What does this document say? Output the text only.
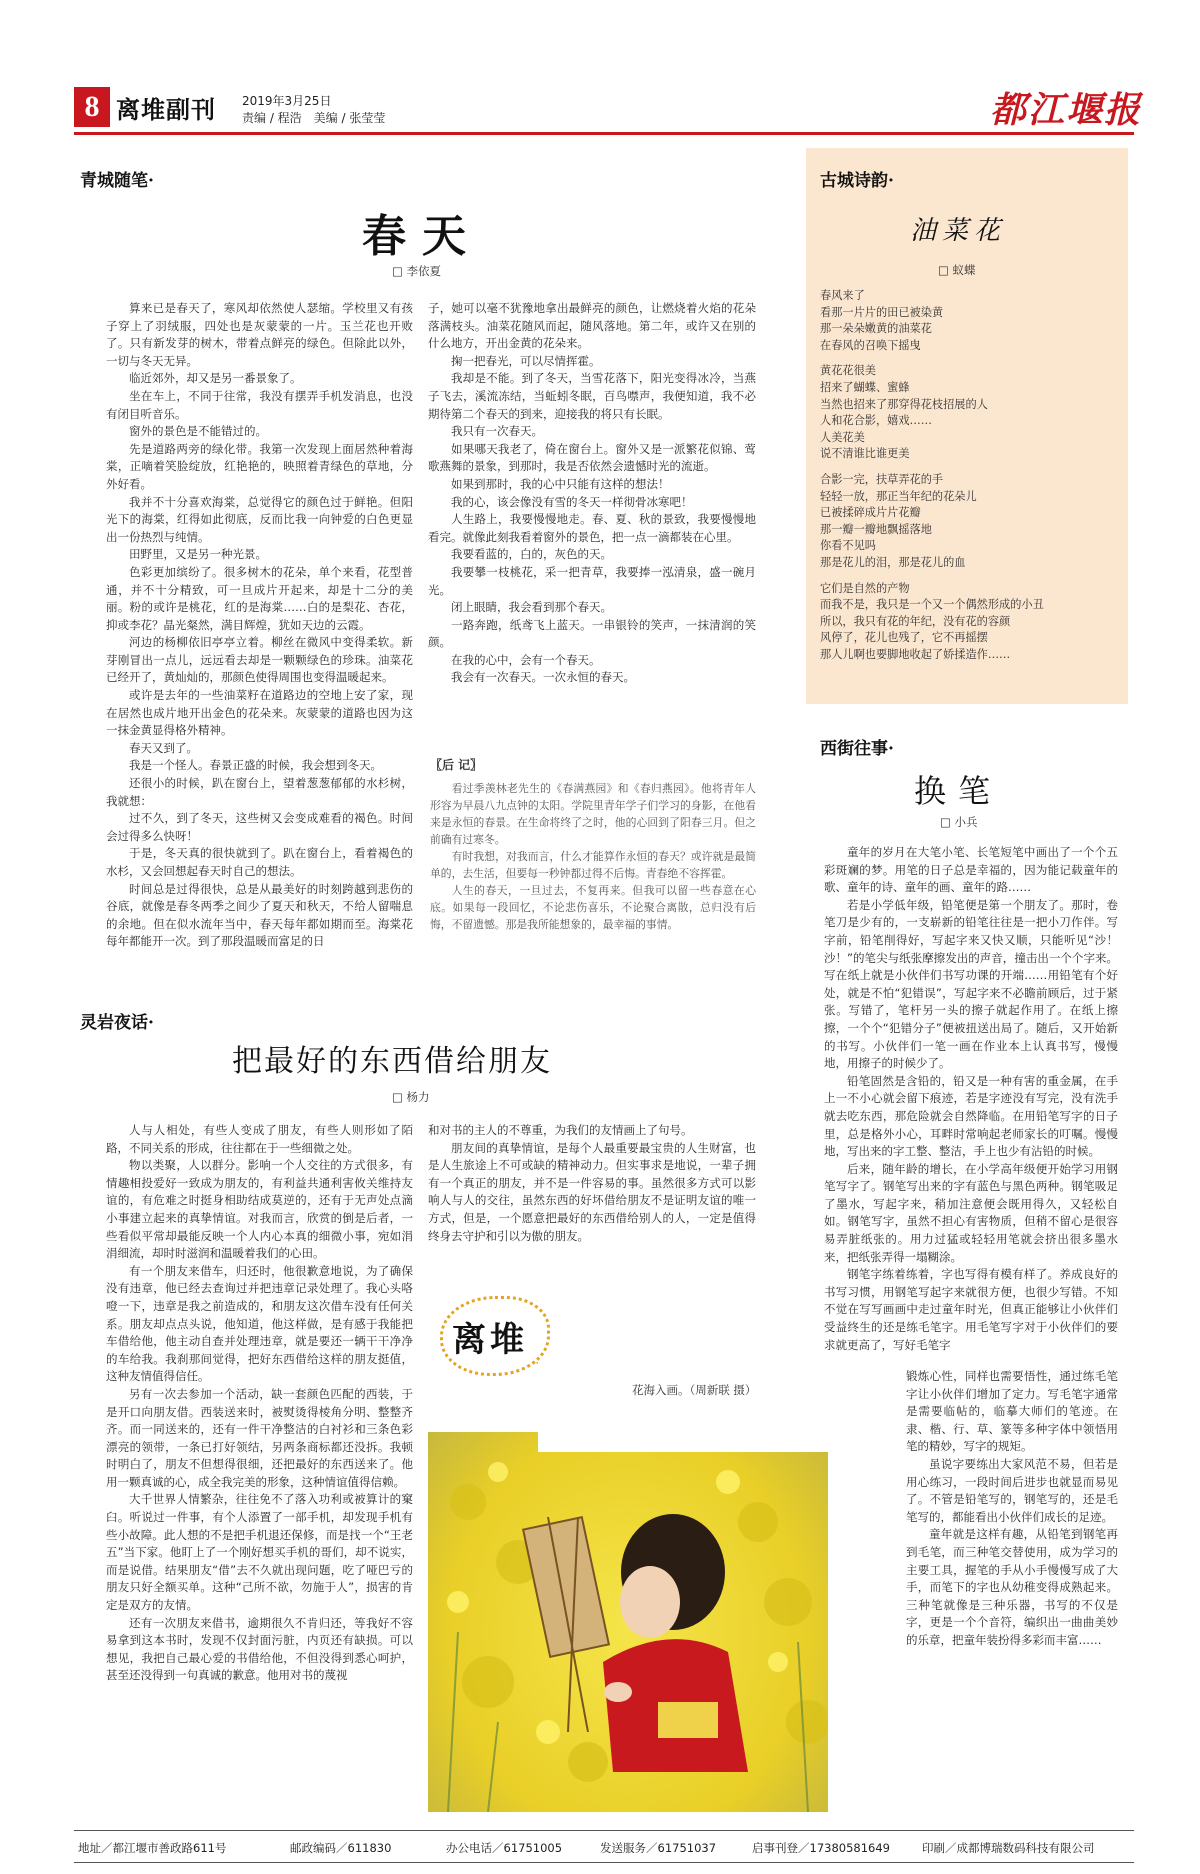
8 离堆副刊 2019年3月25日
责编 / 程浩　美编 / 张莹莹	都江堰报
青城随笔·
春天
□ 李依夏

算来已是春天了，寒风却依然使人瑟缩。学校里又有孩子穿上了羽绒服，四处也是灰蒙蒙的一片。玉兰花也开败了。只有新发芽的树木，带着点鲜亮的绿色。但除此以外，一切与冬天无异。

临近郊外，却又是另一番景象了。

坐在车上，不同于往常，我没有摆弄手机发消息，也没有闭目听音乐。

窗外的景色是不能错过的。

先是道路两旁的绿化带。我第一次发现上面居然种着海棠，正嘀着笑脸绽放，红艳艳的，映照着青绿色的草地，分外好看。

我并不十分喜欢海棠，总觉得它的颜色过于鲜艳。但阳光下的海棠，红得如此彻底，反而比我一向钟爱的白色更显出一份热烈与纯情。

田野里，又是另一种光景。

色彩更加缤纷了。很多树木的花朵，单个来看，花型普通，并不十分精致，可一旦成片开起来，却是十二分的美丽。粉的或许是桃花，红的是海棠……白的是梨花、杏花，抑或李花？晶光粲然，满目辉煌，犹如天边的云霞。

河边的杨柳依旧亭亭立着。柳丝在微风中变得柔软。新芽刚冒出一点儿，远远看去却是一颗颗绿色的珍珠。油菜花已经开了，黄灿灿的，那颜色使得周围也变得温暖起来。

或许是去年的一些油菜籽在道路边的空地上安了家，现在居然也成片地开出金色的花朵来。灰蒙蒙的道路也因为这一抹金黄显得格外精神。

春天又到了。

我是一个怪人。春景正盛的时候，我会想到冬天。

还很小的时候，趴在窗台上，望着葱葱郁郁的水杉树，我就想：

过不久，到了冬天，这些树又会变成难看的褐色。时间会过得多么快呀！

于是，冬天真的很快就到了。趴在窗台上，看着褐色的水杉，又会回想起春天时自己的想法。

时间总是过得很快，总是从最美好的时刻跨越到悲伤的谷底，就像是春冬两季之间少了夏天和秋天，不给人留喘息的余地。但在似水流年当中，春天每年都如期而至。海棠花每年都能开一次。到了那段温暖而富足的日

子，她可以毫不犹豫地拿出最鲜亮的颜色，让燃烧着火焰的花朵落满枝头。油菜花随风而起，随风落地。第二年，或许又在别的什么地方，开出金黄的花朵来。

掬一把春光，可以尽情挥霍。

我却是不能。到了冬天，当雪花落下，阳光变得冰冷，当燕子飞去，溪流冻结，当蚯蚓冬眠，百鸟噤声，我便知道，我不必期待第二个春天的到来，迎接我的将只有长眠。

我只有一次春天。

如果哪天我老了，倚在窗台上。窗外又是一派繁花似锦、莺歌燕舞的景象，到那时，我是否依然会遗憾时光的流逝。

如果到那时，我的心中只能有这样的想法！

我的心，该会像没有雪的冬天一样彻骨冰寒吧！

人生路上，我要慢慢地走。春、夏、秋的景致，我要慢慢地看完。就像此刻我看着窗外的景色，把一点一滴都装在心里。

我要看蓝的，白的，灰色的天。

我要攀一枝桃花，采一把青草，我要捧一泓清泉，盛一碗月光。

闭上眼睛，我会看到那个春天。

一路奔跑，纸鸢飞上蓝天。一串银铃的笑声，一抹清润的笑颜。

在我的心中，会有一个春天。

我会有一次春天。一次永恒的春天。

〖后 记〗

看过季羡林老先生的《春满燕园》和《春归燕园》。他将青年人形容为早晨八九点钟的太阳。学院里青年学子们学习的身影，在他看来是永恒的春景。在生命将终了之时，他的心回到了阳春三月。但之前确有过寒冬。

有时我想，对我而言，什么才能算作永恒的春天？或许就是最简单的，去生活，但要每一秒钟都过得不后悔。青春绝不容挥霍。

人生的春天，一旦过去，不复再来。但我可以留一些春意在心底。如果每一段回忆，不论悲伤喜乐，不论聚合离散，总归没有后悔，不留遗憾。那是我所能想象的，最幸福的事情。

灵岩夜话·
把最好的东西借给朋友
□ 杨力

人与人相处，有些人变成了朋友，有些人则形如了陌路，不同关系的形成，往往都在于一些细微之处。

物以类聚，人以群分。影响一个人交往的方式很多，有情趣相投爱好一致成为朋友的，有利益共通利害攸关维持友谊的，有危难之时挺身相助结成莫逆的，还有于无声处点滴小事建立起来的真挚情谊。对我而言，欣赏的倒是后者，一些看似平常却最能反映一个人内心本真的细微小事，宛如涓涓细流，却时时滋润和温暖着我们的心田。

有一个朋友来借车，归还时，他很歉意地说，为了确保没有违章，他已经去查询过并把违章记录处理了。我心头咯噔一下，违章是我之前造成的，和朋友这次借车没有任何关系。朋友却点点头说，他知道，他这样做，是有感于我能把车借给他，他主动自查并处理违章，就是要还一辆干干净净的车给我。我刹那间觉得，把好东西借给这样的朋友挺值，这种友情值得信任。

另有一次去参加一个活动，缺一套颜色匹配的西装，于是开口向朋友借。西装送来时，被熨烫得棱角分明、整整齐齐。而一同送来的，还有一件干净整洁的白衬衫和三条色彩漂亮的领带，一条已打好领结，另两条商标都还没拆。我顿时明白了，朋友不但想得很细，还把最好的东西送来了。他用一颗真诚的心，成全我完美的形象，这种情谊值得信赖。

大千世界人情繁杂，往往免不了落入功利或被算计的窠臼。听说过一件事，有个人添置了一部手机，却发现手机有些小故障。此人想的不是把手机退还保修，而是找一个“王老五”当下家。他盯上了一个刚好想买手机的哥们，却不说实，而是说借。结果朋友“借”去不久就出现问题，吃了哑巴亏的朋友只好全额买单。这种“己所不欲，勿施于人”，损害的肯定是双方的友情。

还有一次朋友来借书，逾期很久不肯归还，等我好不容易拿到这本书时，发现不仅封面污脏，内页还有缺损。可以想见，我把自己最心爱的书借给他，不但没得到悉心呵护，甚至还没得到一句真诚的歉意。他用对书的蔑视

和对书的主人的不尊重，为我们的友情画上了句号。

朋友间的真挚情谊，是每个人最重要最宝贵的人生财富，也是人生旅途上不可或缺的精神动力。但实事求是地说，一辈子拥有一个真正的朋友，并不是一件容易的事。虽然很多方式可以影响人与人的交往，虽然东西的好坏借给朋友不是证明友谊的唯一方式，但是，一个愿意把最好的东西借给别人的人，一定是值得终身去守护和引以为傲的朋友。

离堆
花海入画。（周新联 摄）
古城诗韵·
油菜花
□ 蚁蝶

春风来了

看那一片片的田已被染黄

那一朵朵嫩黄的油菜花

在春风的召唤下摇曳

黄花花很美

招来了蝴蝶、蜜蜂

当然也招来了那穿得花枝招展的人

人和花合影，嬉戏……

人美花美

说不清谁比谁更美

合影一完，扶草弄花的手

轻轻一放，那正当年纪的花朵儿

已被揉碎成片片花瓣

那一瓣一瓣地飘摇落地

你看不见吗

那是花儿的泪，那是花儿的血

它们是自然的产物

而我不是，我只是一个又一个偶然形成的小丑

所以，我只有花的年纪，没有花的容颜

风停了，花儿也残了，它不再摇摆

那人儿啊也要脚地收起了娇揉造作……

西街往事·
换笔
□ 小兵

童年的岁月在大笔小笔、长笔短笔中画出了一个个五彩斑斓的梦。用笔的日子总是幸福的，因为能记载童年的歌、童年的诗、童年的画、童年的路……

若是小学低年级，铅笔便是第一个朋友了。那时，卷笔刀是少有的，一支崭新的铅笔往往是一把小刀作伴。写字前，铅笔削得好，写起字来又快又顺，只能听见“沙！沙！”的笔尖与纸张摩擦发出的声音，撞击出一个个字来。写在纸上就是小伙伴们书写功课的开端……用铅笔有个好处，就是不怕“犯错误”，写起字来不必瞻前顾后，过于紧张。写错了，笔杆另一头的擦子就起作用了。在纸上擦擦，一个个“犯错分子”便被扭送出局了。随后，又开始新的书写。小伙伴们一笔一画在作业本上认真书写，慢慢地，用擦子的时候少了。

铅笔固然是含铅的，铅又是一种有害的重金属，在手上一不小心就会留下痕迹，若是字迹没有写完，没有洗手就去吃东西，那危险就会自然降临。在用铅笔写字的日子里，总是格外小心，耳畔时常响起老师家长的叮嘱。慢慢地，写出来的字工整、整洁，手上也少有沾铅的时候。

后来，随年龄的增长，在小学高年级便开始学习用钢笔写字了。钢笔写出来的字有蓝色与黑色两种。钢笔吸足了墨水，写起字来，稍加注意便会既用得久，又轻松自如。钢笔写字，虽然不担心有害物质，但稍不留心是很容易弄脏纸张的。用力过猛或轻轻用笔就会挤出很多墨水来，把纸张弄得一塌糊涂。

钢笔字练着练着，字也写得有模有样了。养成良好的书写习惯，用钢笔写起字来就很方便，也很少写错。不知不觉在写写画画中走过童年时光，但真正能够让小伙伴们受益终生的还是练毛笔字。用毛笔写字对于小伙伴们的要求就更高了，写好毛笔字

锻炼心性，同样也需要悟性，通过练毛笔字让小伙伴们增加了定力。写毛笔字通常是需要临帖的，临摹大师们的笔迹。在隶、楷、行、草、篆等多种字体中领悟用笔的精妙，写字的规矩。

虽说字要练出大家风范不易，但若是用心练习，一段时间后进步也就显而易见了。不管是铅笔写的，钢笔写的，还是毛笔写的，都能看出小伙伴们成长的足迹。

童年就是这样有趣，从铅笔到钢笔再到毛笔，而三种笔交替使用，成为学习的主要工具，握笔的手从小手慢慢写成了大手，而笔下的字也从幼稚变得成熟起来。三种笔就像是三种乐器，书写的不仅是字，更是一个个音符，编织出一曲曲美妙的乐章，把童年装扮得多彩而丰富……

地址／都江堰市善政路611号	邮政编码／611830	办公电话／61751005	发送服务／61751037	启事刊登／17380581649	印刷／成都博瑞数码科技有限公司
